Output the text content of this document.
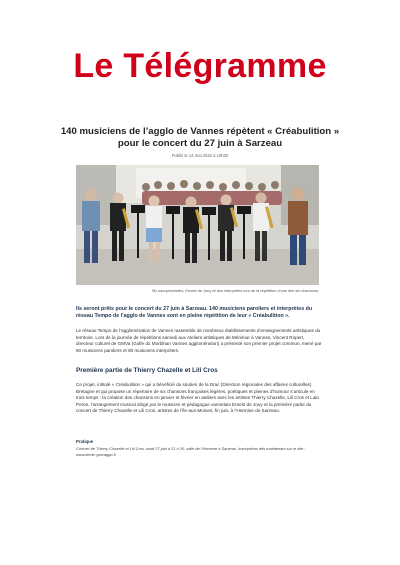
Le Télégramme
140 musiciens de l’agglo de Vannes répètent « Créabulition » pour le concert du 27 juin à Sarzeau
Publié le 14 mai 2022 à 19h00
Six saxophonistes, Ernest de Jouy et des interprètes lors de la répétition d’une des six chansons.
Ils seront prêts pour le concert du 27 juin à Sarzeau. 140 musiciens paroliers et interprètes du réseau Tempo de l’agglo de Vannes sont en pleine répétition de leur « Créabulition ».
Le réseau Tempo de l’agglomération de Vannes rassemble de nombreux établissements d’enseignements artistiques du territoire. Lors de la journée de répétitions samedi aux Ateliers artistiques de Ménimur à Vannes, Vincent Ropert, directeur culturel de GMVa (Golfe du Morbihan Vannes agglomération) a présenté son premier projet commun, mené par 60 musiciens paroliers et 80 musiciens interprètes.
Première partie de Thierry Chazelle et Lili Cros
Ce projet, intitulé « Créabulition » qui a bénéficié du soutien de la Drac (Direction régionales des affaires culturelles) Bretagne et qui propose un répertoire de six chansons françaises légères, poétiques et pleines d’humour s’articule en trois temps : la création des chansons en janvier et février en ateliers avec les artistes Thierry Chazelle, Lili Cros et Lalo Peron, l’arrangement musical dirigé par le musicien et pédagogue vannetais Ernest de Jouy et la première partie du concert de Thierry Chazelle et Lili Cros, artistes de l’île-aux-Moines, fin juin, à l’Hermine de Sarzeau.
Pratique
Concert de Thierry Chazelle et Lili Cros, lundi 27 juin à 21 h 30, salle de l’Hermine à Sarzeau. Inscriptions dès maintenant sur le site : www.declic-gmvaggo.fr
